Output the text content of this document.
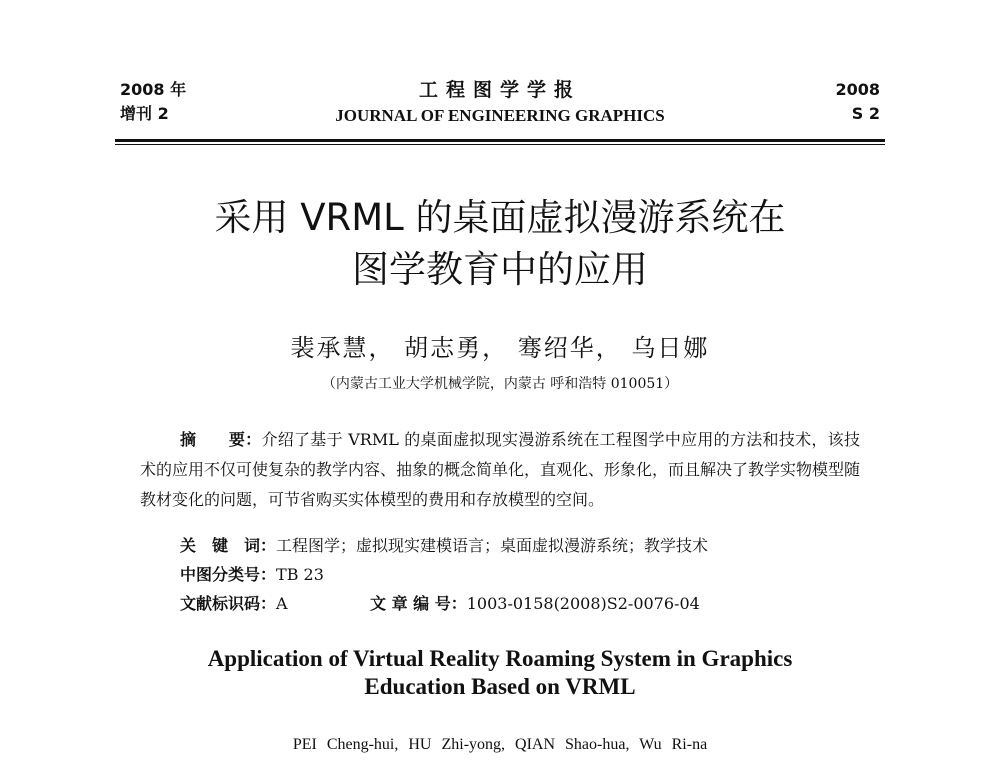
2008 年
增刊 2
工程图学学报
JOURNAL OF ENGINEERING GRAPHICS
2008
S 2
采用 VRML 的桌面虚拟漫游系统在
图学教育中的应用
裴承慧， 胡志勇， 骞绍华， 乌日娜
（内蒙古工业大学机械学院，内蒙古 呼和浩特 010051）
摘　　要：介绍了基于 VRML 的桌面虚拟现实漫游系统在工程图学中应用的方法和技术，该技术的应用不仅可使复杂的教学内容、抽象的概念简单化，直观化、形象化，而且解决了教学实物模型随教材变化的问题，可节省购买实体模型的费用和存放模型的空间。
关　键　词：工程图学；虚拟现实建模语言；桌面虚拟漫游系统；教学技术
中图分类号：TB 23
文献标识码：A	文 章 编 号：1003-0158(2008)S2-0076-04
Application of Virtual Reality Roaming System in Graphics
Education Based on VRML
PEI Cheng-hui, HU Zhi-yong, QIAN Shao-hua, Wu Ri-na
